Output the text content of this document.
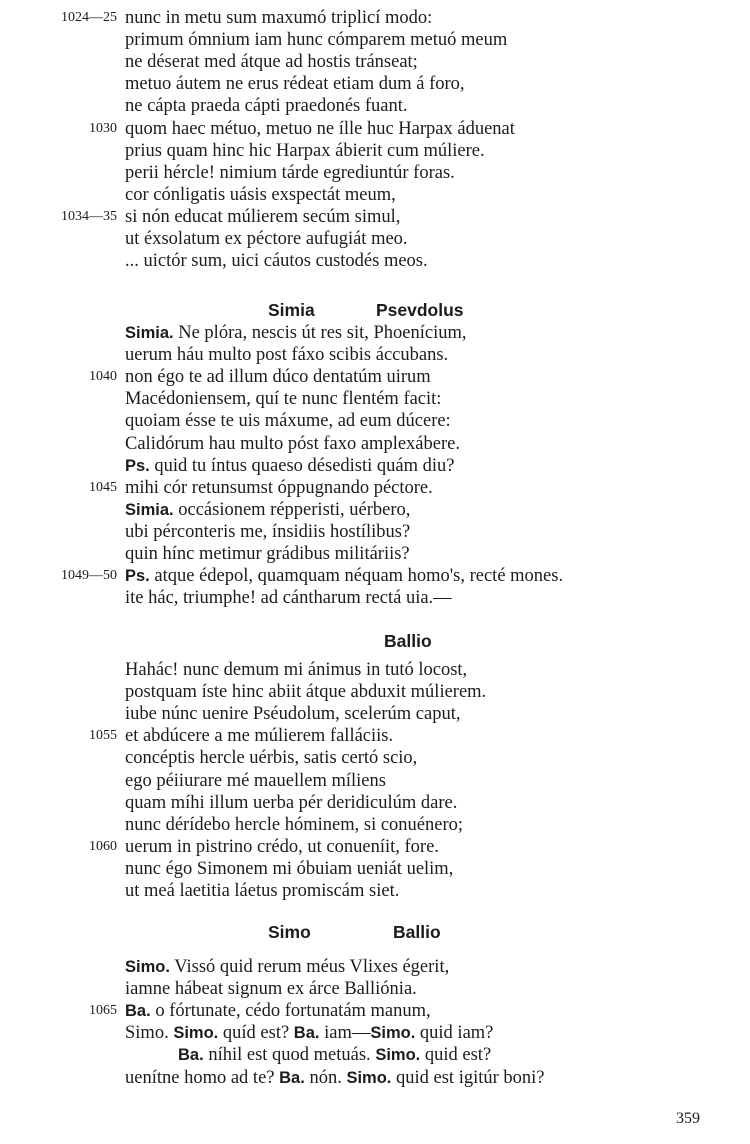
359
1024—25 nunc in metu sum maxumó triplicí modo:
primum ómnium iam hunc cómparem metuó meum
ne déserat med átque ad hostis tránseat;
metuo áutem ne erus rédeat etiam dum á foro,
ne cápta praeda cápti praedonés fuant.
1030 quom haec métuo, metuo ne ílle huc Harpax áduenat
prius quam hinc hic Harpax ábierit cum múliere.
perii hércle! nimium tárde egrediuntúr foras.
cor cónligatis uásis exspectát meum,
1034—35 si nón educat múlierem secúm simul,
ut éxsolatum ex péctore aufugiát meo.
... uictór sum, uici cáutos custodés meos.
Simia	Psevdolus
Simia. Ne plóra, nescis út res sit, Phoenícium,
uerum háu multo post fáxo scibis áccubans.
1040 non égo te ad illum dúco dentatúm uirum
Macédoniensem, quí te nunc flentém facit:
quoiam ésse te uis máxume, ad eum dúcere:
Calidórum hau multo póst faxo amplexábere.
Ps. quid tu íntus quaeso désedisti quám diu?
1045 mihi cór retunsumst óppugnando péctore.
Simia. occásionem répperisti, uérbero,
ubi pérconteris me, ínsidiis hostílibus?
quin hínc metimur grádibus militáriis?
1049—50 Ps. atque édepol, quamquam néquam homo's, recté mones.
ite hác, triumphe! ad cántharum rectá uia.—
Ballio
Hahác! nunc demum mi ánimus in tutó locost,
postquam íste hinc abiit átque abduxit múlierem.
iube núnc uenire Pséudolum, scelerúm caput,
1055 et abdúcere a me múlierem falláciis.
concéptis hercle uérbis, satis certó scio,
ego péiiurare mé mauellem míliens
quam míhi illum uerba pér deridiculúm dare.
nunc dérídebo hercle hóminem, si conuénero;
1060 uerum in pistrino crédo, ut conueníit, fore.
nunc égo Simonem mi óbuiam ueniát uelim,
ut meá laetitia láetus promiscám siet.
Simo	Ballio
Simo. Vissó quid rerum méus Vlixes égerit,
iamne hábeat signum ex árce Balliónia.
1065 Ba. o fórtunate, cédo fortunatám manum,
Simo. Simo. quíd est? Ba. iam—Simo. quid iam?
Ba. níhil est quod metuás. Simo. quid est?
uenítne homo ad te? Ba. nón. Simo. quid est igitúr boni?
